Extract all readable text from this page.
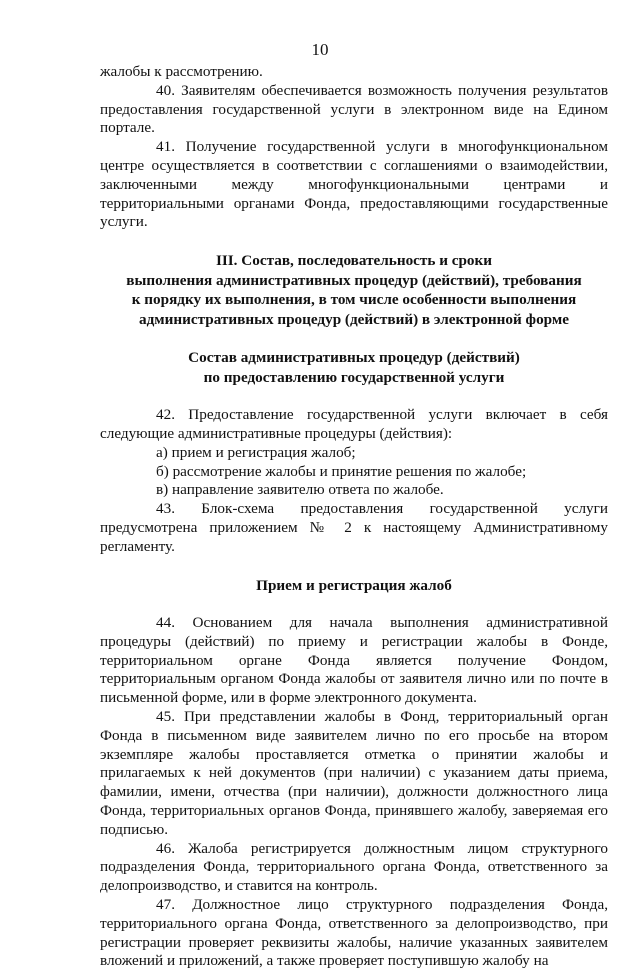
10

жалобы к рассмотрению.

40. Заявителям обеспечивается возможность получения результатов предоставления государственной услуги в электронном виде на Едином портале.

41. Получение государственной услуги в многофункциональном центре осуществляется в соответствии с соглашениями о взаимодействии, заключенными между многофункциональными центрами и территориальными органами Фонда, предоставляющими государственные услуги.

III. Состав, последовательность и сроки
выполнения административных процедур (действий), требования
к порядку их выполнения, в том числе особенности выполнения
административных процедур (действий) в электронной форме

Состав административных процедур (действий)
по предоставлению государственной услуги

42. Предоставление государственной услуги включает в себя следующие административные процедуры (действия):

а) прием и регистрация жалоб;

б) рассмотрение жалобы и принятие решения по жалобе;

в) направление заявителю ответа по жалобе.

43. Блок-схема предоставления государственной услуги предусмотрена приложением № 2 к настоящему Административному регламенту.

Прием и регистрация жалоб

44. Основанием для начала выполнения административной процедуры (действий) по приему и регистрации жалобы в Фонде, территориальном органе Фонда является получение Фондом, территориальным органом Фонда жалобы от заявителя лично или по почте в письменной форме, или в форме электронного документа.

45. При представлении жалобы в Фонд, территориальный орган Фонда в письменном виде заявителем лично по его просьбе на втором экземпляре жалобы проставляется отметка о принятии жалобы и прилагаемых к ней документов (при наличии) с указанием даты приема, фамилии, имени, отчества (при наличии), должности должностного лица Фонда, территориальных органов Фонда, принявшего жалобу, заверяемая его подписью.

46. Жалоба регистрируется должностным лицом структурного подразделения Фонда, территориального органа Фонда, ответственного за делопроизводство, и ставится на контроль.

47. Должностное лицо структурного подразделения Фонда, территориального органа Фонда, ответственного за делопроизводство, при регистрации проверяет реквизиты жалобы, наличие указанных заявителем вложений и приложений, а также проверяет поступившую жалобу на
